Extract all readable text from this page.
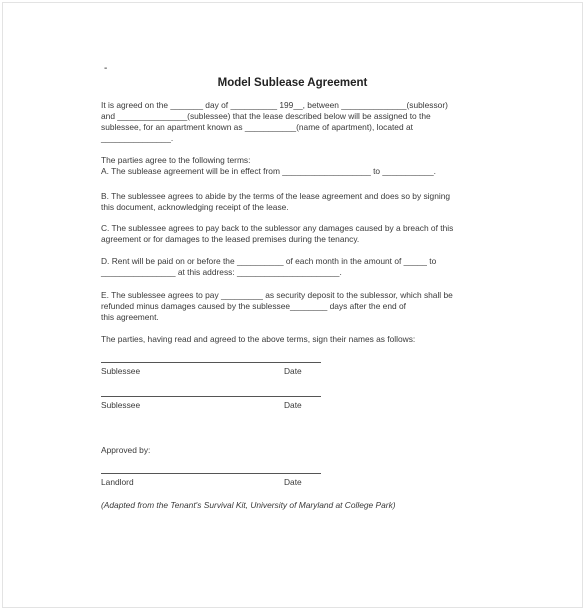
-
Model Sublease Agreement
It is agreed on the _______ day of __________ 199__, between ______________(sublessor)
and _______________(sublessee) that the lease described below will be assigned to the
sublessee, for an apartment known as ___________(name of apartment), located at
_______________.
The parties agree to the following terms:
A. The sublease agreement will be in effect from ___________________ to ___________.
B. The sublessee agrees to abide by the terms of the lease agreement and does so by signing
this document, acknowledging receipt of the lease.
C. The sublessee agrees to pay back to the sublessor any damages caused by a breach of this
agreement or for damages to the leased premises during the tenancy.
D. Rent will be paid on or before the __________ of each month in the amount of _____ to
________________ at this address: ______________________.
E. The sublessee agrees to pay _________ as security deposit to the sublessor, which shall be
refunded minus damages caused by the sublessee________ days after the end of
this agreement.
The parties, having read and agreed to the above terms, sign their names as follows:
Sublessee	Date
Sublessee	Date
Approved by:
Landlord	Date
(Adapted from the Tenant's Survival Kit, University of Maryland at College Park)
